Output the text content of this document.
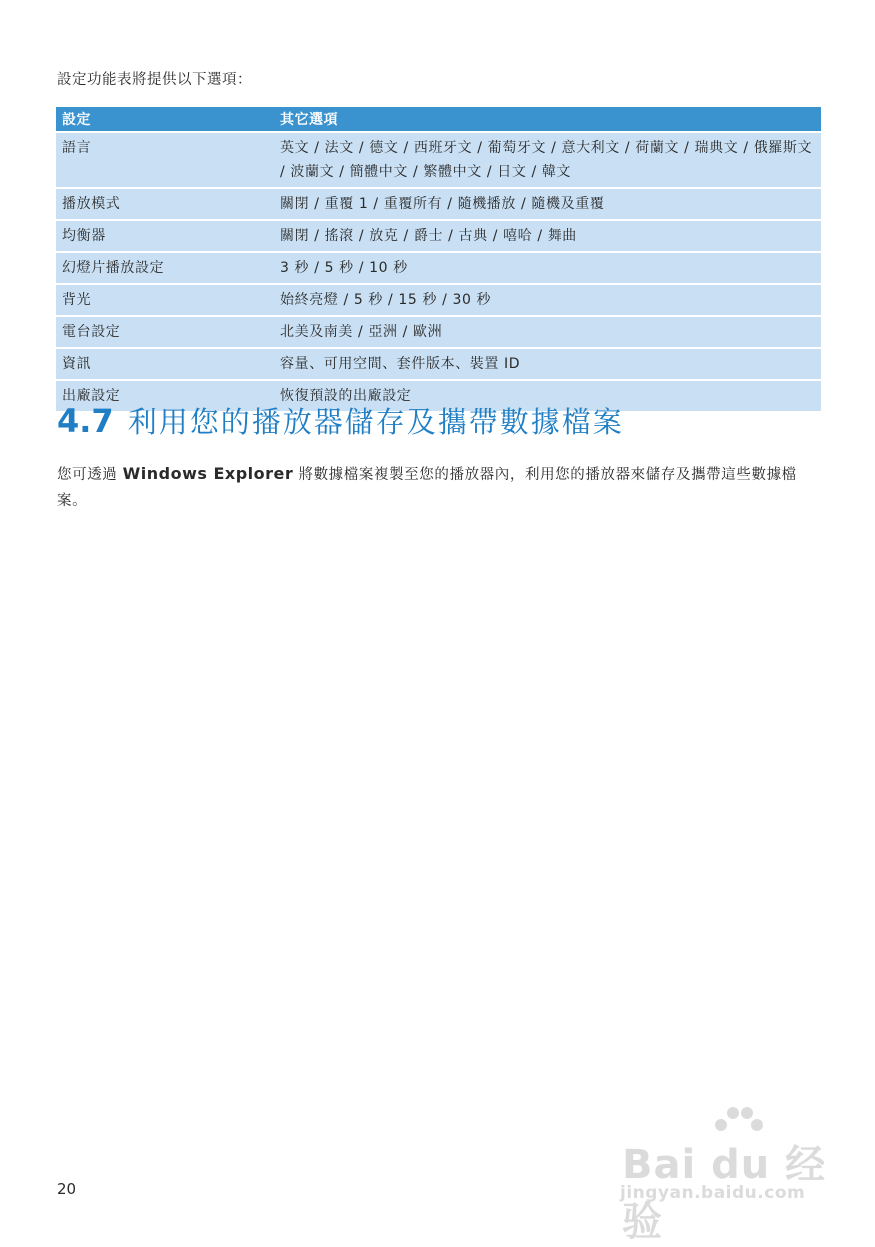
設定功能表將提供以下選項：
設定	其它選項
語言	英文 / 法文 / 德文 / 西班牙文 / 葡萄牙文 / 意大利文 / 荷蘭文 / 瑞典文 / 俄羅斯文 / 波蘭文 / 簡體中文 / 繁體中文 / 日文 / 韓文
播放模式	關閉 / 重覆 1 / 重覆所有 / 隨機播放 / 隨機及重覆
均衡器	關閉 / 搖滾 / 放克 / 爵士 / 古典 / 嘻哈 / 舞曲
幻燈片播放設定	3 秒 / 5 秒 / 10 秒
背光	始終亮燈 / 5 秒 / 15 秒 / 30 秒
電台設定	北美及南美 / 亞洲 / 歐洲
資訊	容量、可用空間、套件版本、裝置 ID
出廠設定	恢復預設的出廠設定
4.7 利用您的播放器儲存及攜帶數據檔案
您可透過 Windows Explorer 將數據檔案複製至您的播放器內，利用您的播放器來儲存及攜帶這些數據檔案。
20
Bai du 经验
jingyan.baidu.com
